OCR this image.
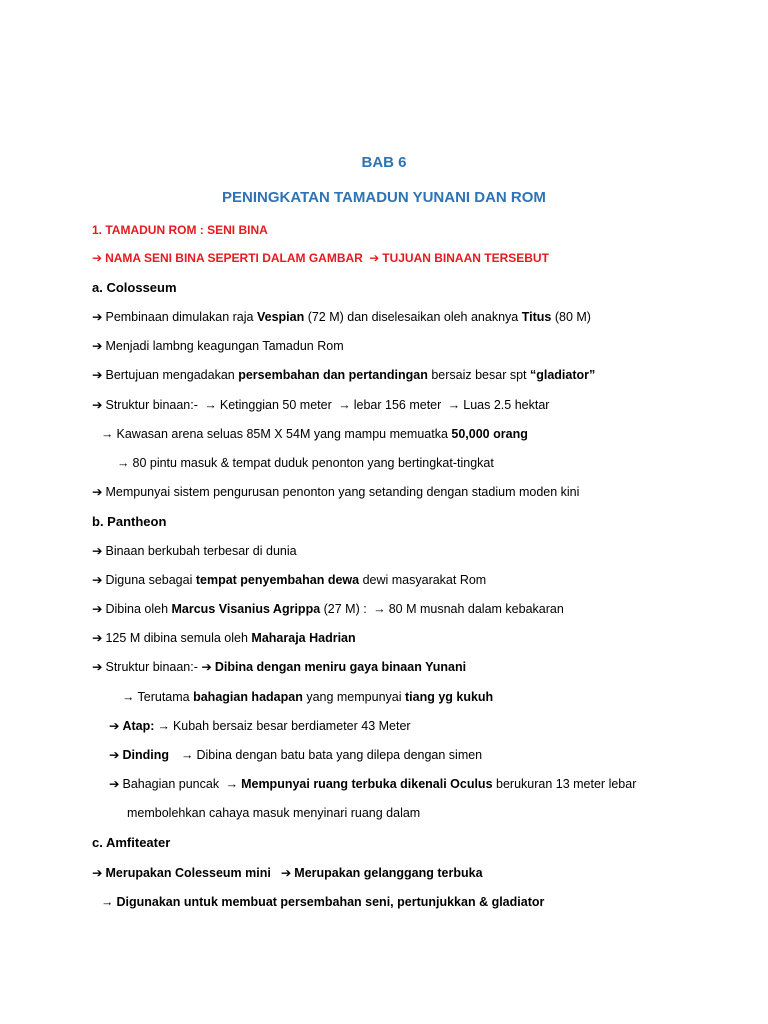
BAB 6
PENINGKATAN TAMADUN YUNANI DAN ROM
1. TAMADUN ROM : SENI BINA
➔ NAMA SENI BINA SEPERTI DALAM GAMBAR ➔ TUJUAN BINAAN TERSEBUT
a. Colosseum
➔ Pembinaan dimulakan raja Vespian (72 M) dan diselesaikan oleh anaknya Titus (80 M)
➔ Menjadi lambng keagungan Tamadun Rom
➔ Bertujuan mengadakan persembahan dan pertandingan bersaiz besar spt “gladiator”
➔ Struktur binaan:- → Ketinggian 50 meter → lebar 156 meter → Luas 2.5 hektar
→ Kawasan arena seluas 85M X 54M yang mampu memuatka 50,000 orang
→ 80 pintu masuk & tempat duduk penonton yang bertingkat-tingkat
➔ Mempunyai sistem pengurusan penonton yang setanding dengan stadium moden kini
b. Pantheon
➔ Binaan berkubah terbesar di dunia
➔ Diguna sebagai tempat penyembahan dewa dewi masyarakat Rom
➔ Dibina oleh Marcus Visanius Agrippa (27 M) : → 80 M musnah dalam kebakaran
➔ 125 M dibina semula oleh Maharaja Hadrian
➔ Struktur binaan:- ➔ Dibina dengan meniru gaya binaan Yunani
→ Terutama bahagian hadapan yang mempunyai tiang yg kukuh
➔ Atap: → Kubah bersaiz besar berdiameter 43 Meter
➔ Dinding → Dibina dengan batu bata yang dilepa dengan simen
➔ Bahagian puncak → Mempunyai ruang terbuka dikenali Oculus berukuran 13 meter lebar
membolehkan cahaya masuk menyinari ruang dalam
c. Amfiteater
➔ Merupakan Colesseum mini ➔ Merupakan gelanggang terbuka
→ Digunakan untuk membuat persembahan seni, pertunjukkan & gladiator
